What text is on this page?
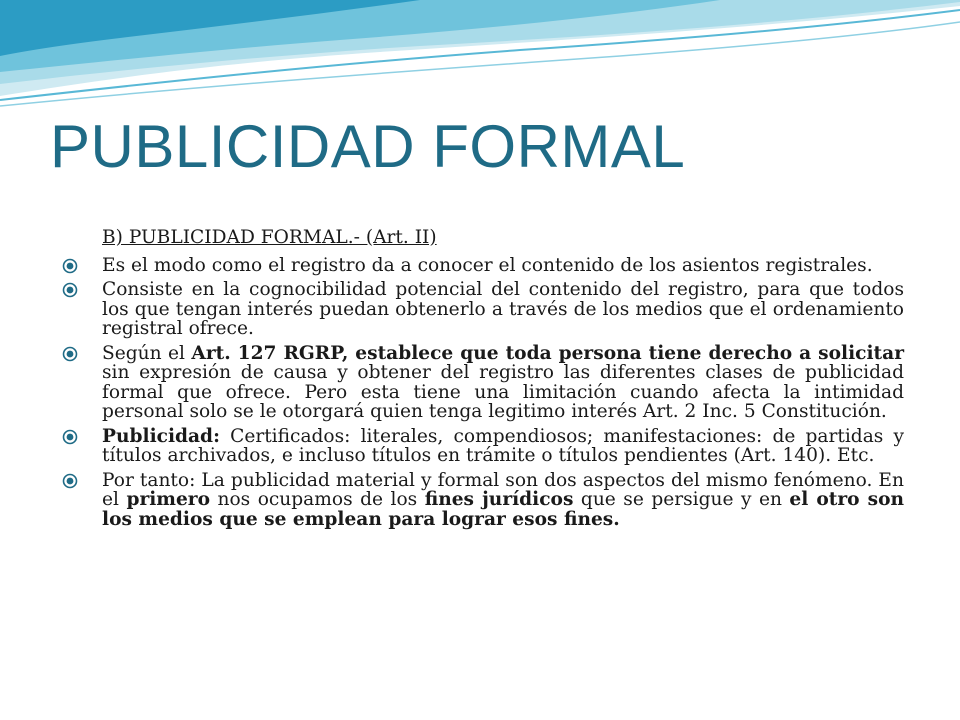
PUBLICIDAD FORMAL
B) PUBLICIDAD FORMAL.- (Art. II)
Es el modo como el registro da a conocer el contenido de los asientos registrales.
Consiste en la cognocibilidad potencial del contenido del registro, para que todos los que tengan interés puedan obtenerlo a través de los medios que el ordenamiento registral ofrece.
Según el Art. 127 RGRP, establece que toda persona tiene derecho a solicitar sin expresión de causa y obtener del registro las diferentes clases de publicidad formal que ofrece. Pero esta tiene una limitación cuando afecta la intimidad personal solo se le otorgará quien tenga legitimo interés Art. 2 Inc. 5 Constitución.
Publicidad: Certificados: literales, compendiosos; manifestaciones: de partidas y títulos archivados, e incluso títulos en trámite o títulos pendientes (Art. 140). Etc.
Por tanto: La publicidad material y formal son dos aspectos del mismo fenómeno. En el primero nos ocupamos de los fines jurídicos que se persigue y en el otro son los medios que se emplean para lograr esos fines.
